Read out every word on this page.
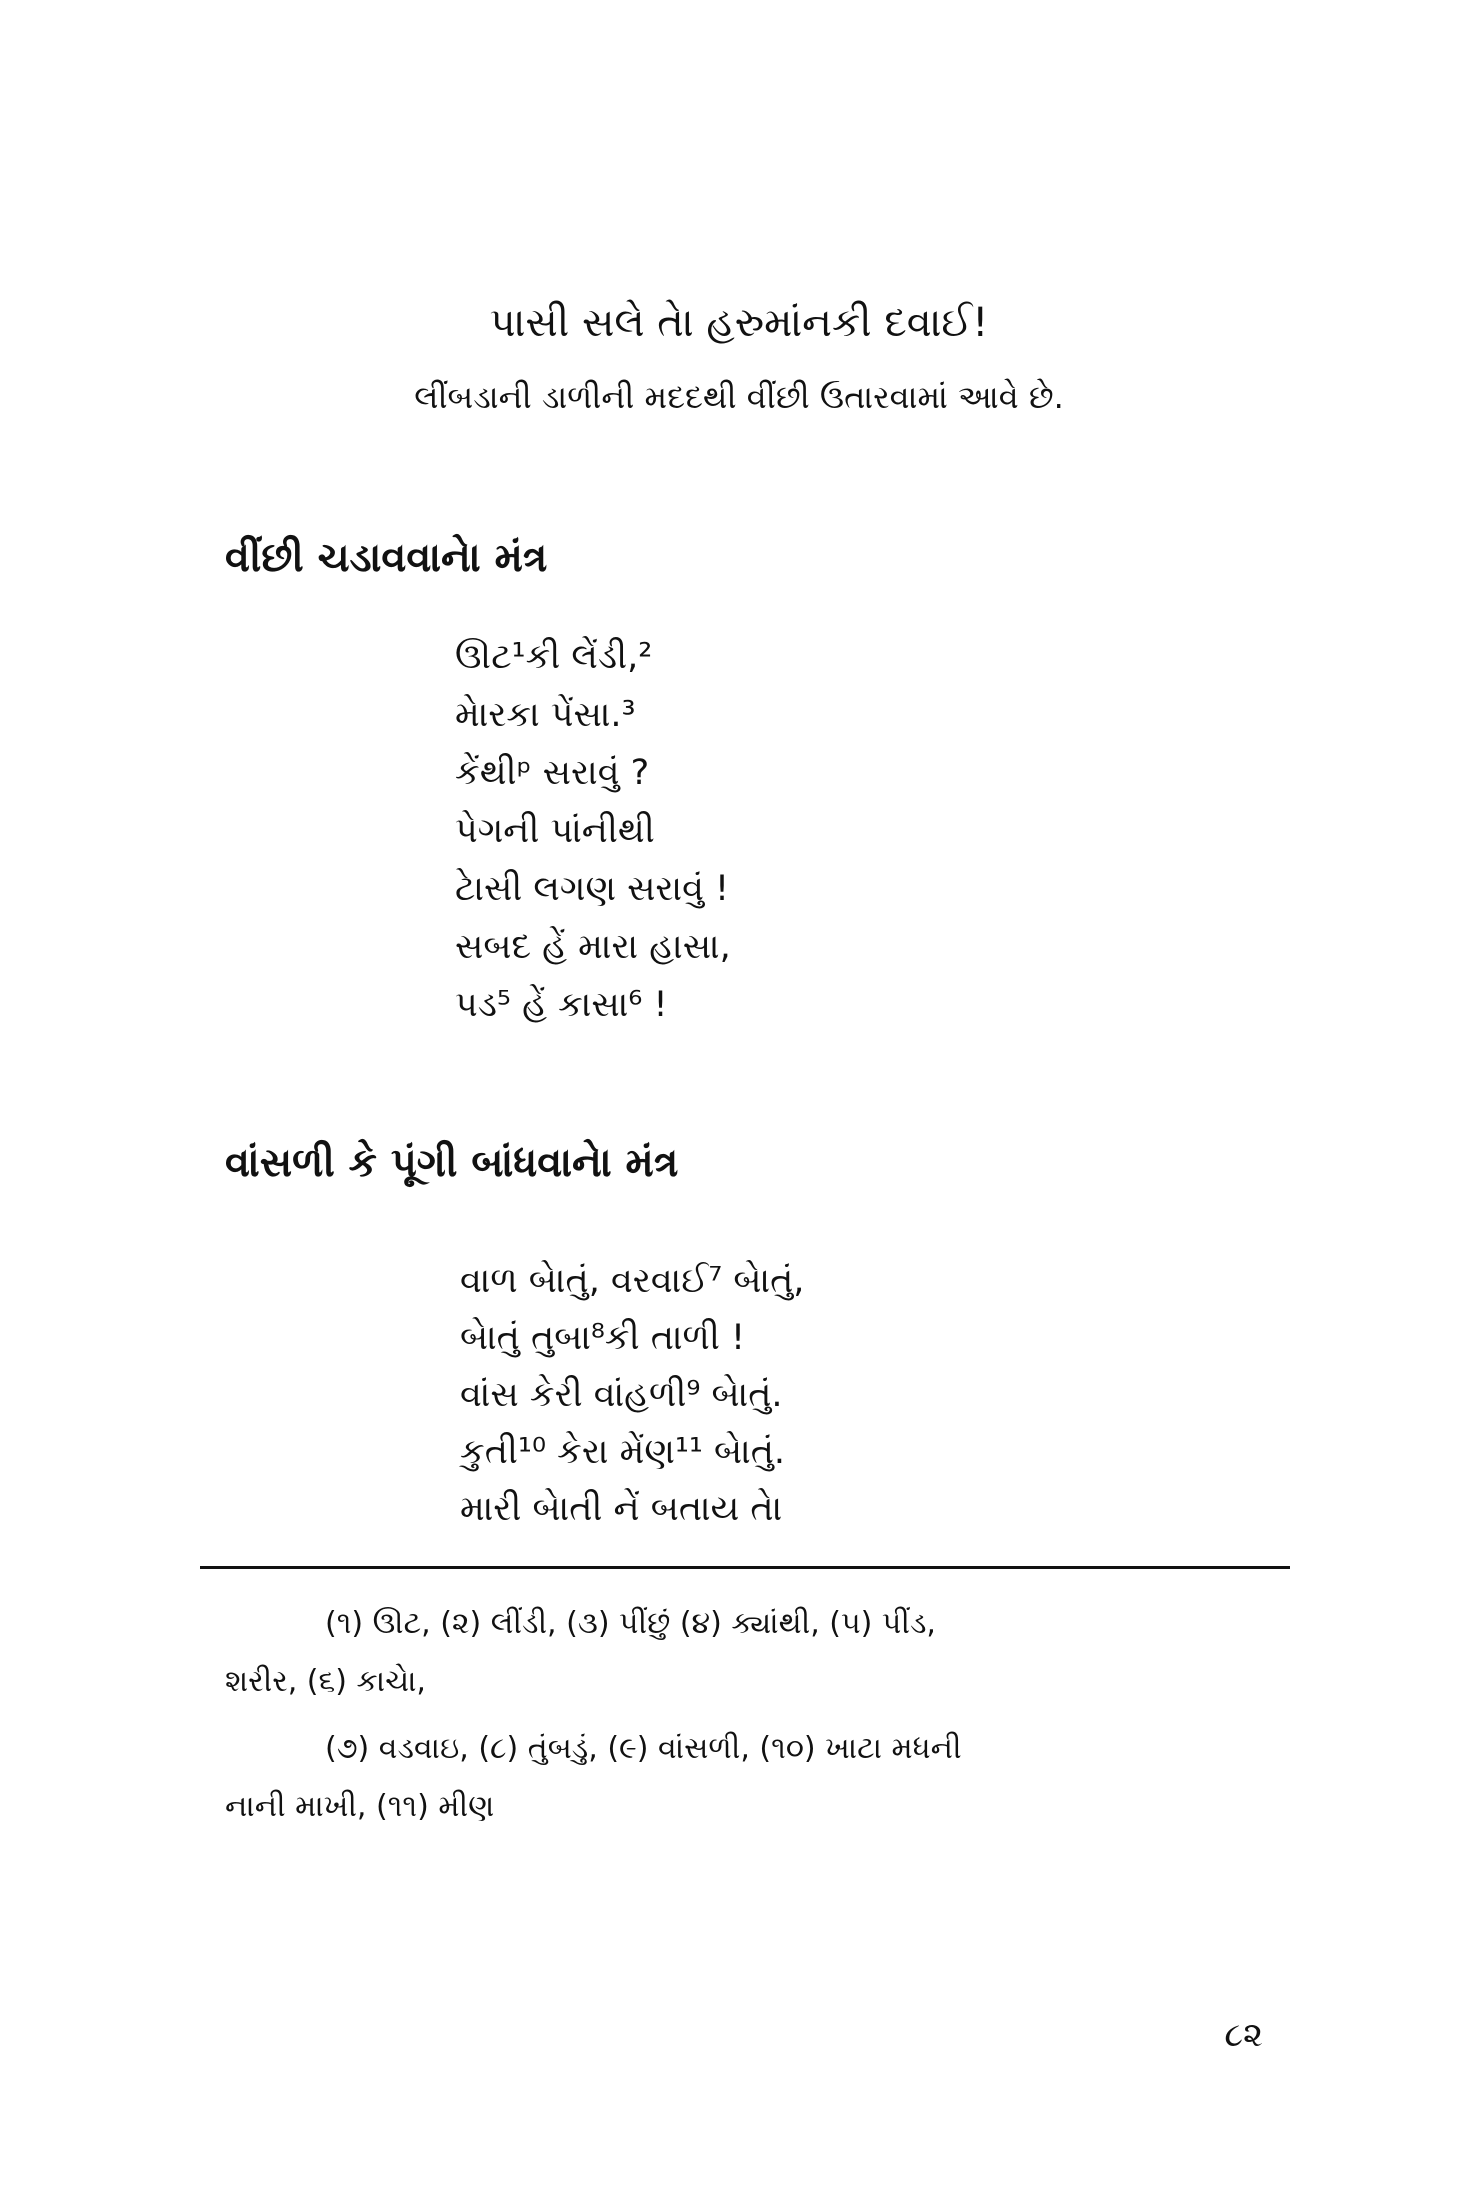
પાસી સલે તેા હરુમાંનકી દવાઈ!
લીંબડાની ડાળીની મદદથી વીંછી ઉતારવામાં આવે છે.
વીંછી ચડાવવાનેા મંત્ર
ઊટ¹કી લેંડી,²
મેારકા પેંસા.³
કેંથીᵖ સરાવું ?
પેગની પાંનીથી
ટેાસી લગણ સરાવું !
સબદ હેં મારા હાસા,
પડ⁵ હેં કાસા⁶ !
વાંસળી કે પૂંગી બાંધવાનેા મંત્ર
વાળ બેાતું, વરવાઈ⁷ બેાતું,
બેાતું તુબા⁸કી તાળી !
વાંસ કેરી વાંહળી⁹ બેાતું.
કુતી¹⁰ કેરા મેંણ¹¹ બેાતું.
મારી બેાતી નેં બતાય તેા

(૧) ઊટ, (૨) લીંડી, (૩) પીંછું (૪) ક્યાંથી, (૫) પીંડ,
શરીર, (૬) કાચેા,

(૭) વડવાઇ, (૮) તુંબડું, (૯) વાંસળી, (૧૦) ખાટા મધની
નાની માખી, (૧૧) મીણ

૮૨
